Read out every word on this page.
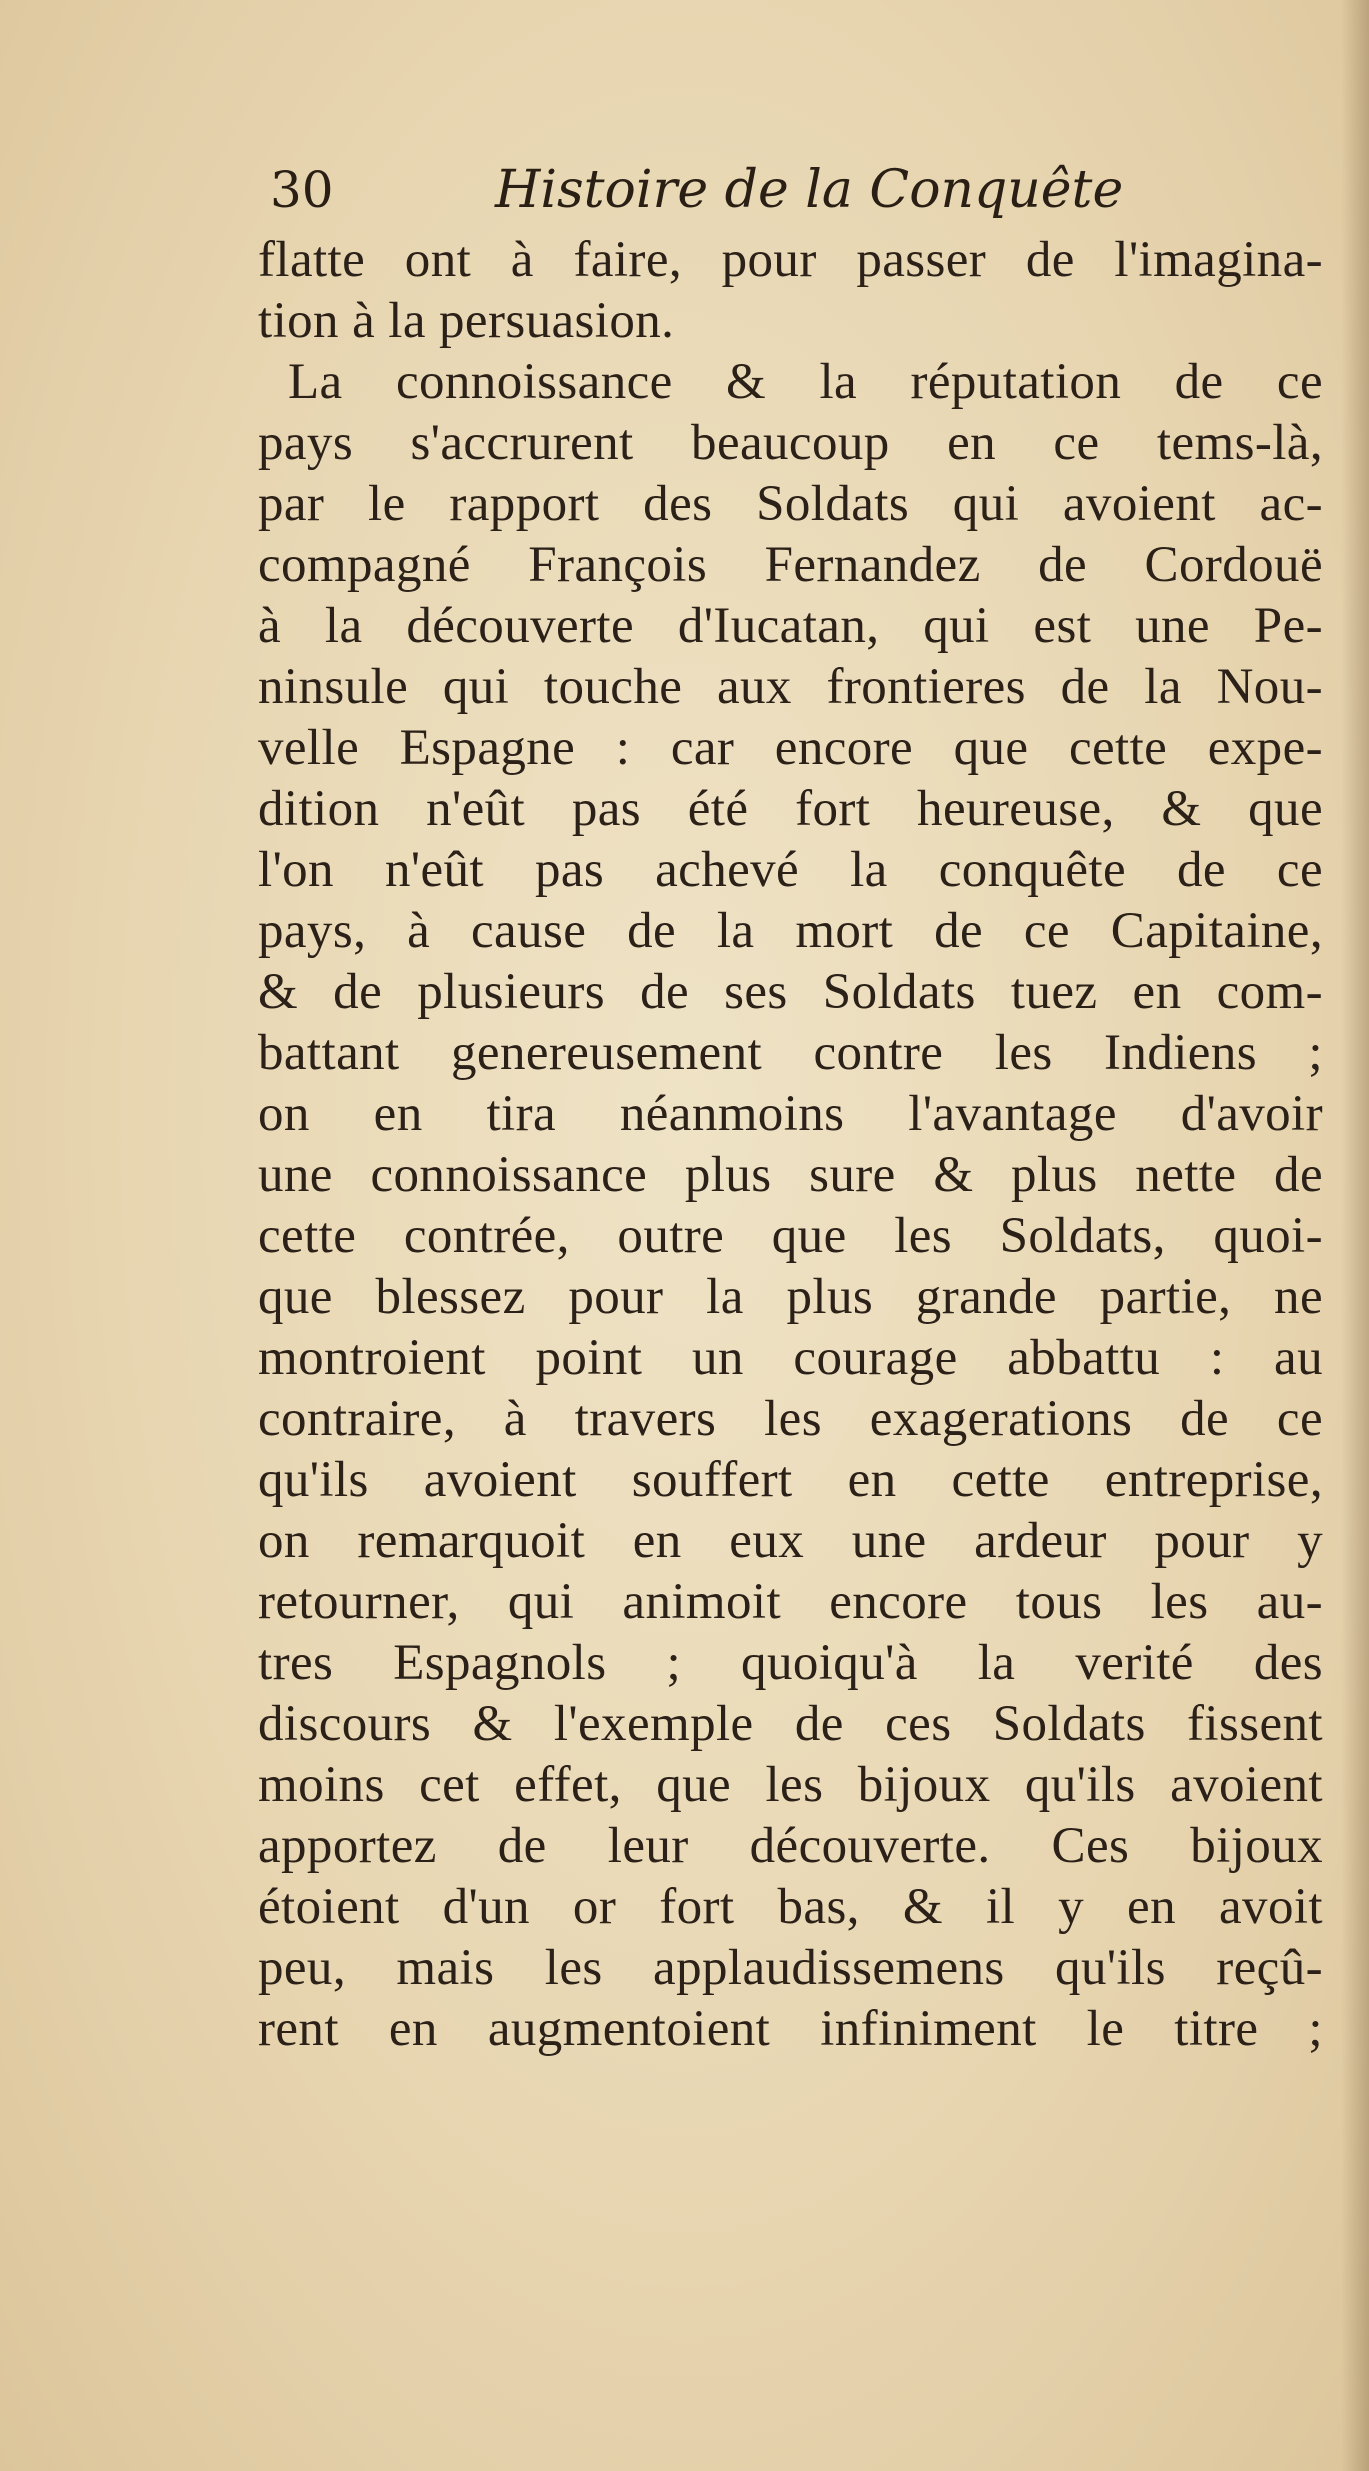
30	Histoire de la Conquête
flatte ont à faire, pour passer de l'imagina-
tion à la persuasion.
La connoissance & la réputation de ce
pays s'accrurent beaucoup en ce tems-là,
par le rapport des Soldats qui avoient ac-
compagné François Fernandez de Cordouë
à la découverte d'Iucatan, qui est une Pe-
ninsule qui touche aux frontieres de la Nou-
velle Espagne : car encore que cette expe-
dition n'eût pas été fort heureuse, & que
l'on n'eût pas achevé la conquête de ce
pays, à cause de la mort de ce Capitaine,
& de plusieurs de ses Soldats tuez en com-
battant genereusement contre les Indiens ;
on en tira néanmoins l'avantage d'avoir
une connoissance plus sure & plus nette de
cette contrée, outre que les Soldats, quoi-
que blessez pour la plus grande partie, ne
montroient point un courage abbattu : au
contraire, à travers les exagerations de ce
qu'ils avoient souffert en cette entreprise,
on remarquoit en eux une ardeur pour y
retourner, qui animoit encore tous les au-
tres Espagnols ; quoiqu'à la verité des
discours & l'exemple de ces Soldats fissent
moins cet effet, que les bijoux qu'ils avoient
apportez de leur découverte. Ces bijoux
étoient d'un or fort bas, & il y en avoit
peu, mais les applaudissemens qu'ils reçû-
rent en augmentoient infiniment le titre ;
